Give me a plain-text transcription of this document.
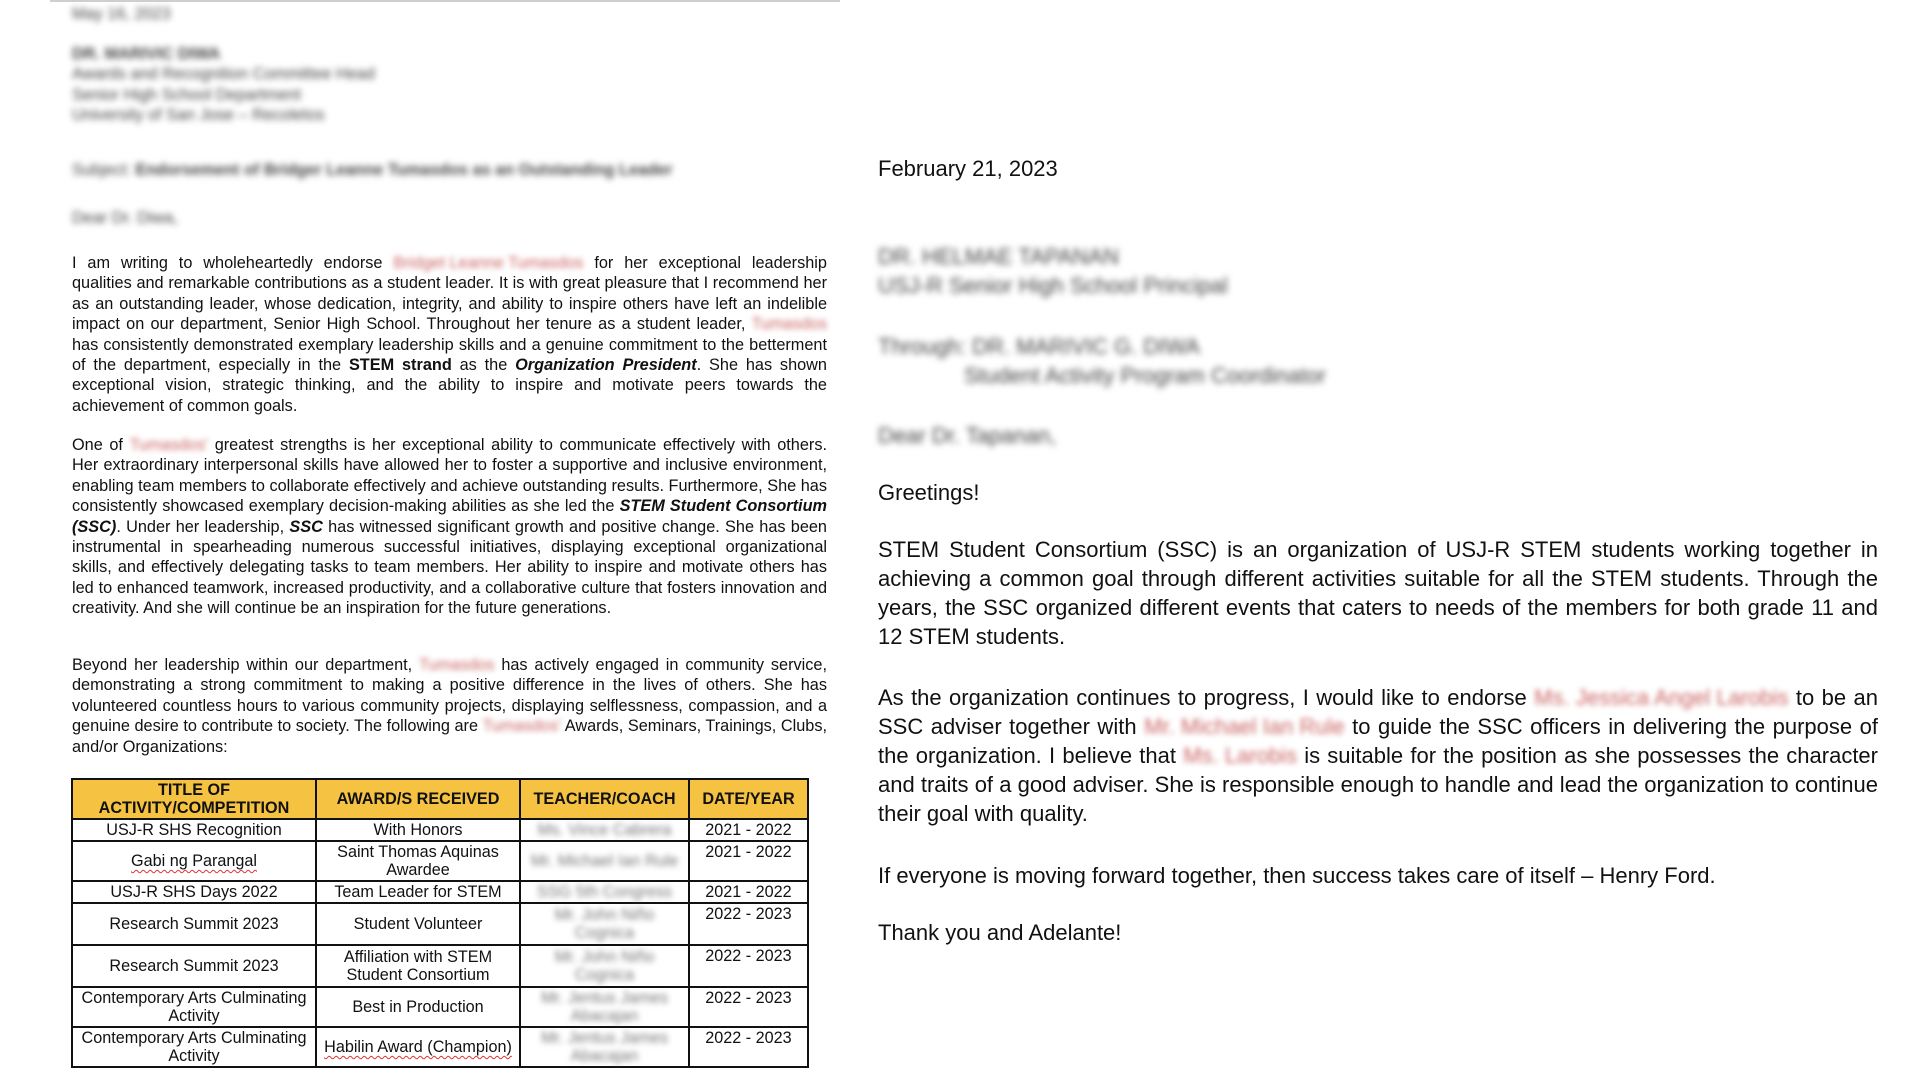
May 16, 2023
DR. MARIVIC DIWA
Awards and Recognition Committee Head
Senior High School Department
University of San Jose – Recoletos
Subject: Endorsement of Bridger Leanne Tumasdos as an Outstanding Leader
Dear Dr. Diwa,

I am writing to wholeheartedly endorse Bridget Leanne Tumasdos for her exceptional leadership qualities and remarkable contributions as a student leader. It is with great pleasure that I recommend her as an outstanding leader, whose dedication, integrity, and ability to inspire others have left an indelible impact on our department, Senior High School. Throughout her tenure as a student leader, Tumasdos has consistently demonstrated exemplary leadership skills and a genuine commitment to the betterment of the department, especially in the STEM strand as the Organization President. She has shown exceptional vision, strategic thinking, and the ability to inspire and motivate peers towards the achievement of common goals.

One of Tumasdos' greatest strengths is her exceptional ability to communicate effectively with others. Her extraordinary interpersonal skills have allowed her to foster a supportive and inclusive environment, enabling team members to collaborate effectively and achieve outstanding results. Furthermore, She has consistently showcased exemplary decision-making abilities as she led the STEM Student Consortium (SSC). Under her leadership, SSC has witnessed significant growth and positive change. She has been instrumental in spearheading numerous successful initiatives, displaying exceptional organizational skills, and effectively delegating tasks to team members. Her ability to inspire and motivate others has led to enhanced teamwork, increased productivity, and a collaborative culture that fosters innovation and creativity. And she will continue be an inspiration for the future generations.

Beyond her leadership within our department, Tumasdos has actively engaged in community service, demonstrating a strong commitment to making a positive difference in the lives of others. She has volunteered countless hours to various community projects, displaying selflessness, compassion, and a genuine desire to contribute to society. The following are Tumasdos' Awards, Seminars, Trainings, Clubs, and/or Organizations:

TITLE OF ACTIVITY/COMPETITION	AWARD/S RECEIVED	TEACHER/COACH	DATE/YEAR
USJ-R SHS Recognition	With Honors	Ms. Vince Cabrera	2021 - 2022
Gabi ng Parangal	Saint Thomas Aquinas Awardee	Mr. Michael Ian Rule	2021 - 2022
USJ-R SHS Days 2022	Team Leader for STEM	SSG 5th Congress	2021 - 2022
Research Summit 2023	Student Volunteer	Mr. John Niño Cognica	2022 - 2023
Research Summit 2023	Affiliation with STEM Student Consortium	Mr. John Niño Cognica	2022 - 2023
Contemporary Arts Culminating Activity	Best in Production	Mr. Jentus James Abacajan	2022 - 2023
Contemporary Arts Culminating Activity	Habilin Award (Champion)	Mr. Jentus James Abacajan	2022 - 2023
February 21, 2023
DR. HELMAE TAPANAN
USJ-R Senior High School Principal
Through: DR. MARIVIC G. DIWA
Student Activity Program Coordinator
Dear Dr. Tapanan,
Greetings!
STEM Student Consortium (SSC) is an organization of USJ-R STEM students working together in achieving a common goal through different activities suitable for all the STEM students. Through the years, the SSC organized different events that caters to needs of the members for both grade 11 and 12 STEM students.
As the organization continues to progress, I would like to endorse Ms. Jessica Angel Larobis to be an SSC adviser together with Mr. Michael Ian Rule to guide the SSC officers in delivering the purpose of the organization. I believe that Ms. Larobis is suitable for the position as she possesses the character and traits of a good adviser. She is responsible enough to handle and lead the organization to continue their goal with quality.
If everyone is moving forward together, then success takes care of itself – Henry Ford.
Thank you and Adelante!
